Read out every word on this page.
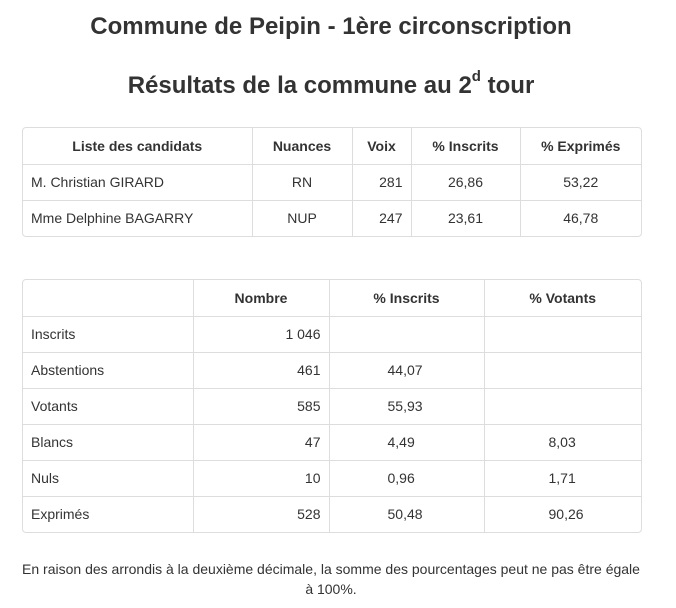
Commune de Peipin - 1ère circonscription
Résultats de la commune au 2$^d$ tour
Liste des candidats	Nuances	Voix	% Inscrits	% Exprimés
M. Christian GIRARD	RN	281	26,86	53,22
Mme Delphine BAGARRY	NUP	247	23,61	46,78
	Nombre	% Inscrits	% Votants
Inscrits	1 046		
Abstentions	461	44,07	
Votants	585	55,93	
Blancs	47	4,49	8,03
Nuls	10	0,96	1,71
Exprimés	528	50,48	90,26
En raison des arrondis à la deuxième décimale, la somme des pourcentages peut ne pas être égale à 100%.
